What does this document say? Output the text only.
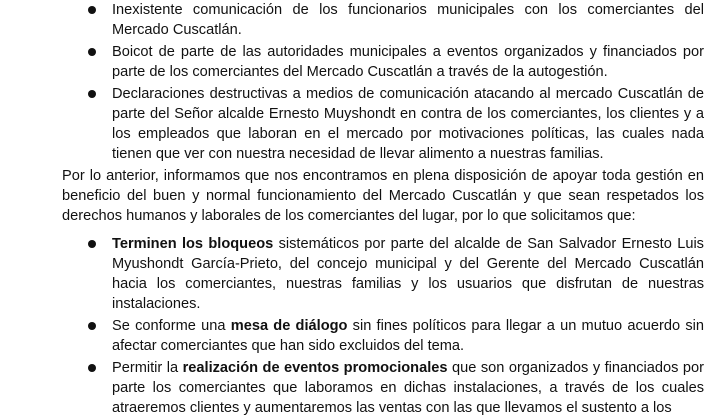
Inexistente comunicación de los funcionarios municipales con los comerciantes del Mercado Cuscatlán.
Boicot de parte de las autoridades municipales a eventos organizados y financiados por parte de los comerciantes del Mercado Cuscatlán a través de la autogestión.
Declaraciones destructivas a medios de comunicación atacando al mercado Cuscatlán de parte del Señor alcalde Ernesto Muyshondt en contra de los comerciantes, los clientes y a los empleados que laboran en el mercado por motivaciones políticas, las cuales nada tienen que ver con nuestra necesidad de llevar alimento a nuestras familias.

Por lo anterior, informamos que nos encontramos en plena disposición de apoyar toda gestión en beneficio del buen y normal funcionamiento del Mercado Cuscatlán y que sean respetados los derechos humanos y laborales de los comerciantes del lugar, por lo que solicitamos que:

Terminen los bloqueos sistemáticos por parte del alcalde de San Salvador Ernesto Luis Myushondt García-Prieto, del concejo municipal y del Gerente del Mercado Cuscatlán hacia los comerciantes, nuestras familias y los usuarios que disfrutan de nuestras instalaciones.
Se conforme una mesa de diálogo sin fines políticos para llegar a un mutuo acuerdo sin afectar comerciantes que han sido excluidos del tema.
Permitir la realización de eventos promocionales que son organizados y financiados por parte los comerciantes que laboramos en dichas instalaciones, a través de los cuales atraeremos clientes y aumentaremos las ventas con las que llevamos el sustento a los
